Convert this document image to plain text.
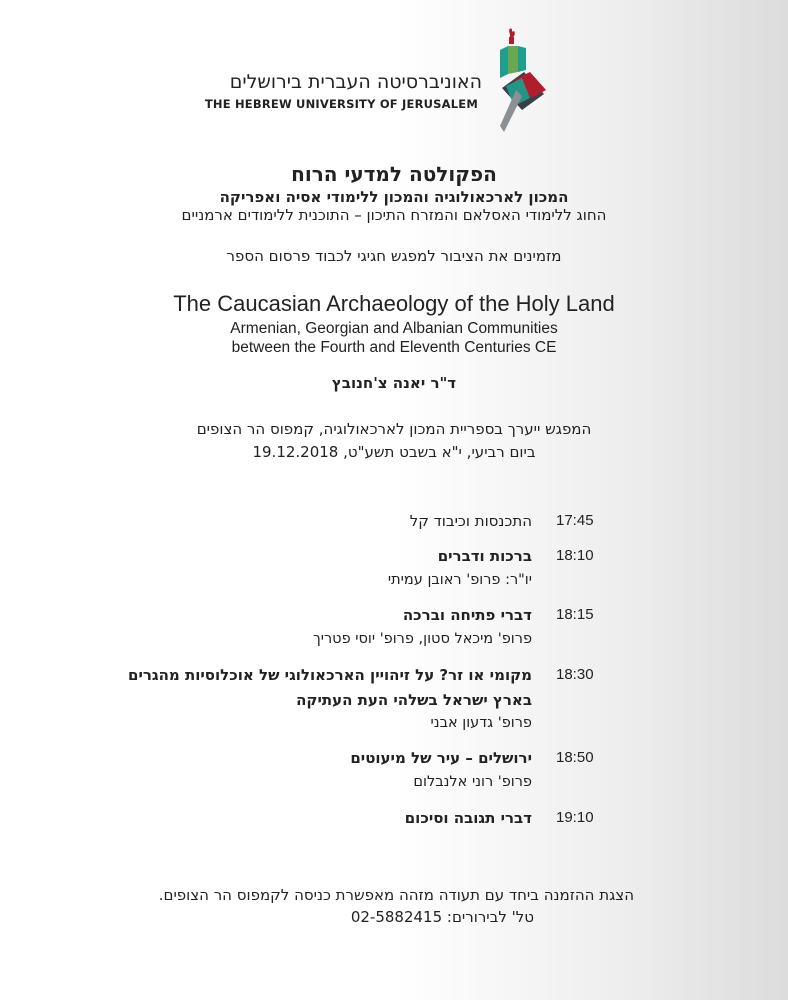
האוניברסיטה העברית בירושלים
THE HEBREW UNIVERSITY OF JERUSALEM
הפקולטה למדעי הרוח
המכון לארכאולוגיה והמכון ללימודי אסיה ואפריקה
החוג ללימודי האסלאם והמזרח התיכון – התוכנית ללימודים ארמניים
מזמינים את הציבור למפגש חגיגי לכבוד פרסום הספר
The Caucasian Archaeology of the Holy Land
Armenian, Georgian and Albanian Communities
between the Fourth and Eleventh Centuries CE
ד"ר יאנה צ'חנובץ
המפגש ייערך בספריית המכון לארכאולוגיה, קמפוס הר הצופים
ביום רביעי, י"א בשבט תשע"ט, 19.12.2018
17:45
התכנסות וכיבוד קל
18:10
ברכות ודברים
יו"ר: פרופ' ראובן עמיתי
18:15
דברי פתיחה וברכה
פרופ' מיכאל סטון, פרופ' יוסי פטריך
18:30
מקומי או זר? על זיהויין הארכאולוגי של אוכלוסיות מהגרים
בארץ ישראל בשלהי העת העתיקה
פרופ' גדעון אבני
18:50
ירושלים – עיר של מיעוטים
פרופ' רוני אלנבלום
19:10
דברי תגובה וסיכום
הצגת ההזמנה ביחד עם תעודה מזהה מאפשרת כניסה לקמפוס הר הצופים.
טל' לבירורים: 02-5882415
